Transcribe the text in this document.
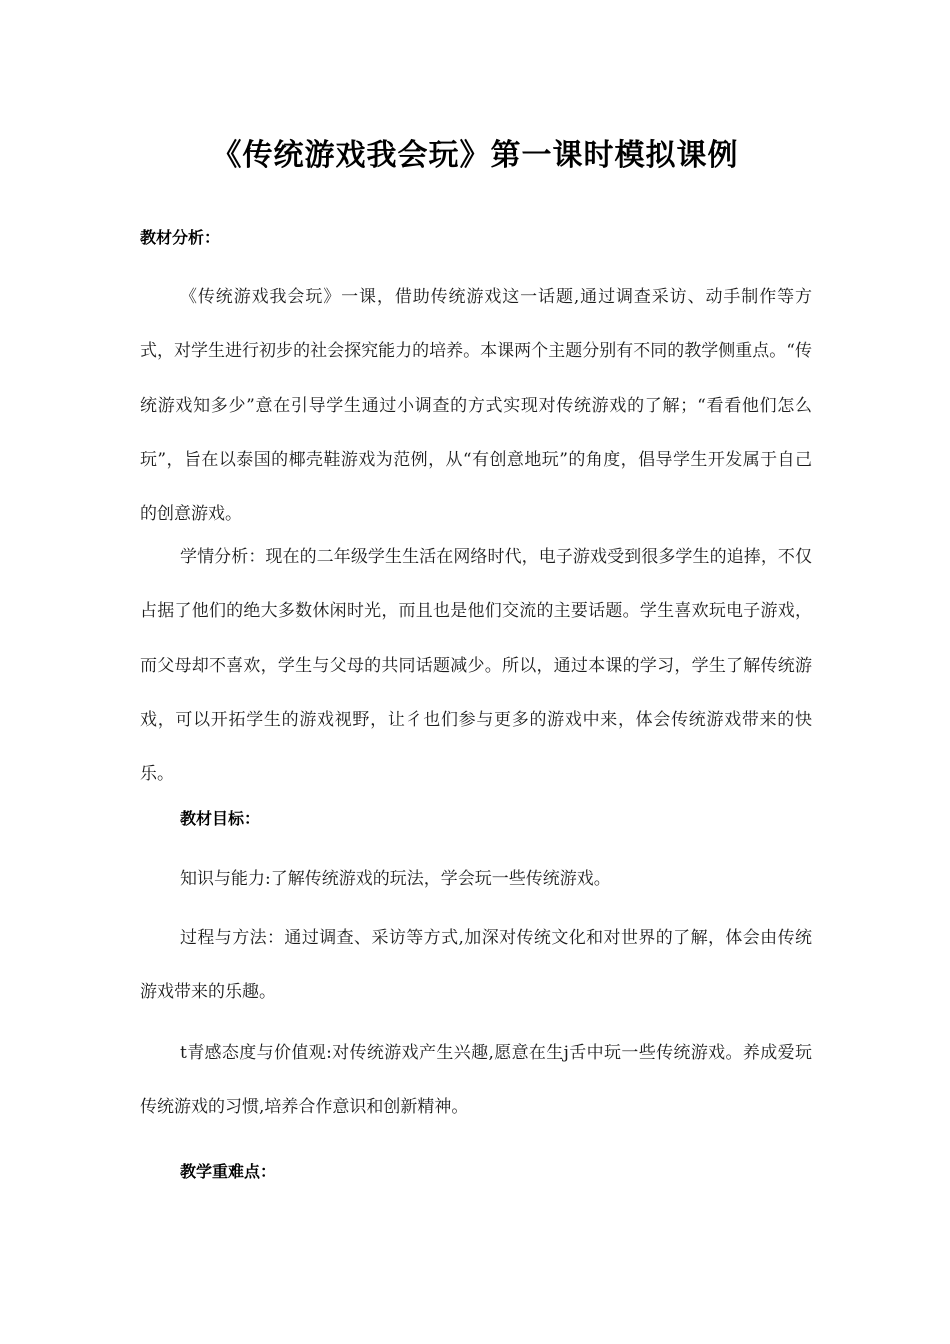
《传统游戏我会玩》第一课时模拟课例
教材分析：

《传统游戏我会玩》一课，借助传统游戏这一话题,通过调查采访、动手制作等方式，对学生进行初步的社会探究能力的培养。本课两个主题分别有不同的教学侧重点。“传统游戏知多少”意在引导学生通过小调查的方式实现对传统游戏的了解；“看看他们怎么玩”，旨在以泰国的椰壳鞋游戏为范例，从“有创意地玩”的角度，倡导学生开发属于自己的创意游戏。

学情分析：现在的二年级学生生活在网络时代，电子游戏受到很多学生的追捧，不仅占据了他们的绝大多数休闲时光，而且也是他们交流的主要话题。学生喜欢玩电子游戏，而父母却不喜欢，学生与父母的共同话题减少。所以，通过本课的学习，学生了解传统游戏，可以开拓学生的游戏视野，让彳也们参与更多的游戏中来，体会传统游戏带来的快乐。

教材目标：

知识与能力:了解传统游戏的玩法，学会玩一些传统游戏。

过程与方法：通过调查、采访等方式,加深对传统文化和对世界的了解，体会由传统游戏带来的乐趣。

t青感态度与价值观:对传统游戏产生兴趣,愿意在生j舌中玩一些传统游戏。养成爱玩传统游戏的习惯,培养合作意识和创新精神。

教学重难点：
